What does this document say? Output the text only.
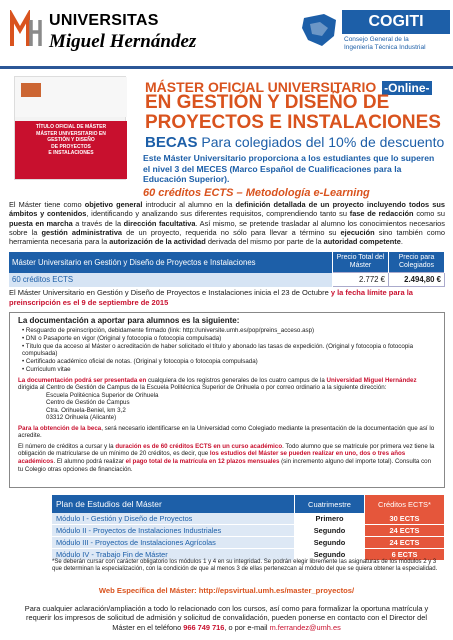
UNIVERSITAS
Miguel Hernández
COGITI
Consejo General de la
Ingeniería Técnica Industrial
TÍTULO OFICIAL DE MÁSTER
MÁSTER UNIVERSITARIO EN
GESTIÓN Y DISEÑO
DE PROYECTOS
E INSTALACIONES
MÁSTER OFICIAL UNIVERSITARIO -Online-
EN GESTIÓN Y DISEÑO DE
PROYECTOS E INSTALACIONES
BECAS Para colegiados del 10% de descuento
Este Máster Universitario proporciona a los estudiantes que lo superen el nivel 3 del MECES (Marco Español de Cualificaciones para la Educación Superior).
60 créditos ECTS – Metodología e-Learning
El Máster tiene como objetivo general introducir al alumno en la definición detallada de un proyecto incluyendo todos sus ámbitos y contenidos, identificando y analizando sus diferentes requisitos, comprendiendo tanto su fase de redacción como su puesta en marcha a través de la dirección facultativa. Así mismo, se pretende trasladar al alumno los conocimientos necesarios sobre la gestión administrativa de un proyecto, requerida no sólo para llevar a término su ejecución sino también como herramienta necesaria para la autorización de la actividad derivada del mismo por parte de la autoridad competente.
Máster Universitario en Gestión y Diseño de Proyectos e Instalaciones	Precio Total del Máster	Precio para Colegiados
60 créditos ECTS	2.772 €	2.494,80 €
El Máster Universitario en Gestión y Diseño de Proyectos e Instalaciones inicia el 23 de Octubre y la fecha límite para la preinscripción es el 9 de septiembre de 2015
La documentación a aportar para alumnos es la siguiente:
• Resguardo de preinscripción, debidamente firmado (link: http://universite.umh.es/pop/preins_acceso.asp)
• DNI o Pasaporte en vigor (Original y fotocopia o fotocopia compulsada)
• Título que da acceso al Máster o acreditación de haber solicitado el título y abonado las tasas de expedición. (Original y fotocopia o fotocopia compulsada)
• Certificado académico oficial de notas. (Original y fotocopia o fotocopia compulsada)
• Curriculum vitae
La documentación podrá ser presentada en cualquiera de los registros generales de los cuatro campus de la Universidad Miguel Hernández dirigida al Centro de Gestión de Campus de la Escuela Politécnica Superior de Orihuela o por correo ordinario a la siguiente dirección:
Escuela Politécnica Superior de Orihuela
Centro de Gestión de Campus
Ctra. Orihuela-Beniel, km 3,2
03312 Orihuela (Alicante)
Para la obtención de la beca, será necesario identificarse en la Universidad como Colegiado mediante la presentación de la documentación que así lo acredite.
El número de créditos a cursar y la duración es de 60 créditos ECTS en un curso académico. Todo alumno que se matricule por primera vez tiene la obligación de matricularse de un mínimo de 20 créditos, es decir, que los estudios del Máster se pueden realizar en uno, dos o tres años académicos. El alumno podrá realizar el pago total de la matrícula en 12 plazos mensuales (sin incremento alguno del importe total). Consulta con tu Colegio otras opciones de financiación.
Plan de Estudios del Máster	Cuatrimestre	Créditos ECTS*
Módulo I - Gestión y Diseño de Proyectos	Primero	30 ECTS
Módulo II - Proyectos de Instalaciones Industriales	Segundo	24 ECTS
Módulo III - Proyectos de Instalaciones Agrícolas	Segundo	24 ECTS
Módulo IV - Trabajo Fin de Máster	Segundo	6 ECTS
*Se deberán cursar con carácter obligatorio los módulos 1 y 4 en su integridad. Se podrán elegir libremente las asignaturas de los módulos 2 y 3 que determinan la especialización, con la condición de que al menos 3 de ellas pertenezcan al módulo del que se quiera obtener la especialidad.
Web Específica del Máster: http://epsvirtual.umh.es/master_proyectos/
Para cualquier aclaración/ampliación a todo lo relacionado con los cursos, así como para formalizar la oportuna matrícula y requerir los impresos de solicitud de admisión y solicitud de convalidación, pueden ponerse en contacto con el Director del Máster en el teléfono 966 749 716, o por e-mail m.ferrandez@umh.es
